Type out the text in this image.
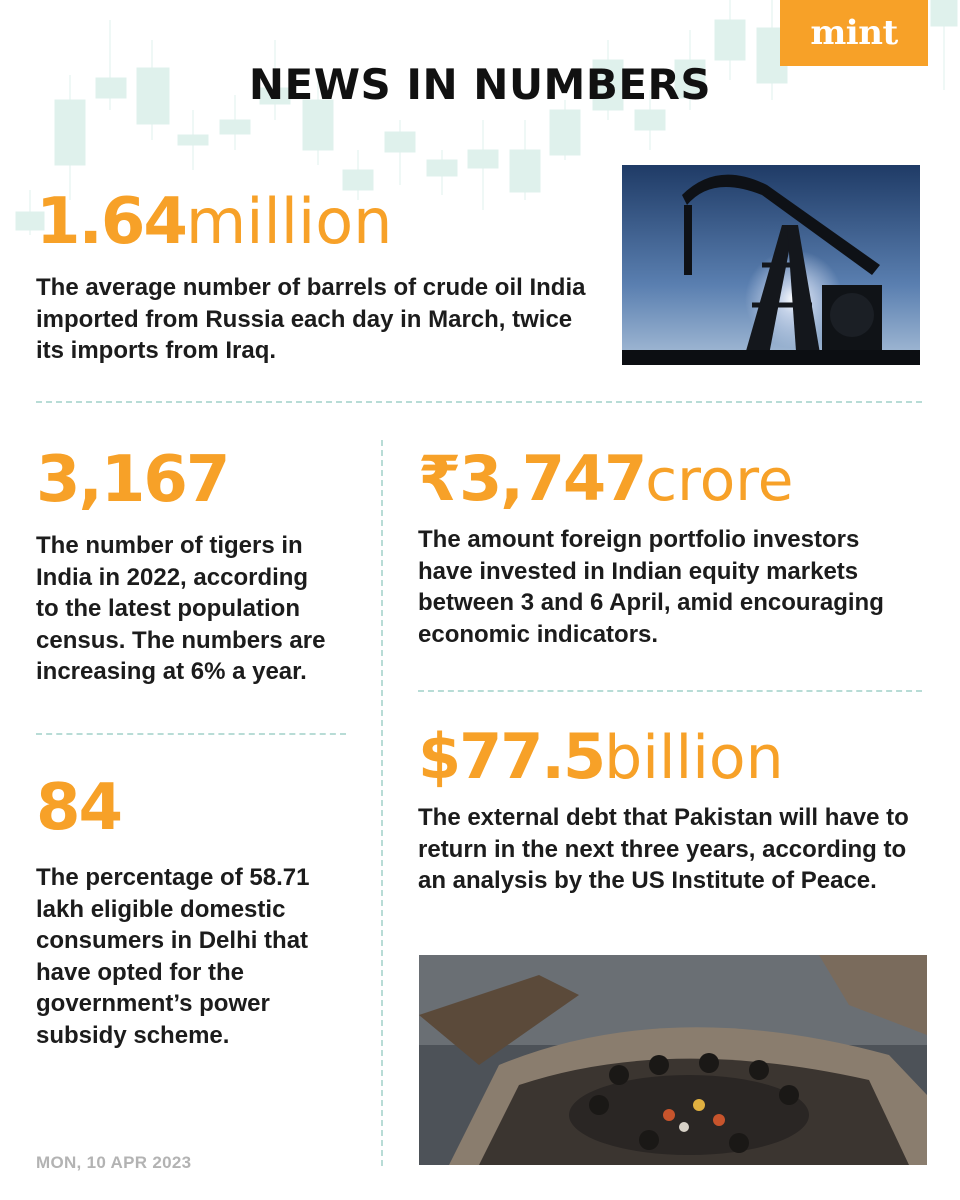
mint
NEWS IN NUMBERS
1.64million

The average number of barrels of crude oil India imported from Russia each day in March, twice its imports from Iraq.

3,167

The number of tigers in India in 2022, according to the latest population census. The numbers are increasing at 6% a year.

₹3,747crore

The amount foreign portfolio investors have invested in Indian equity markets between 3 and 6 April, amid encouraging economic indicators.

84

The percentage of 58.71 lakh eligible domestic consumers in Delhi that have opted for the government’s power subsidy scheme.

$77.5billion

The external debt that Pakistan will have to return in the next three years, according to an analysis by the US Institute of Peace.

MON, 10 APR 2023
